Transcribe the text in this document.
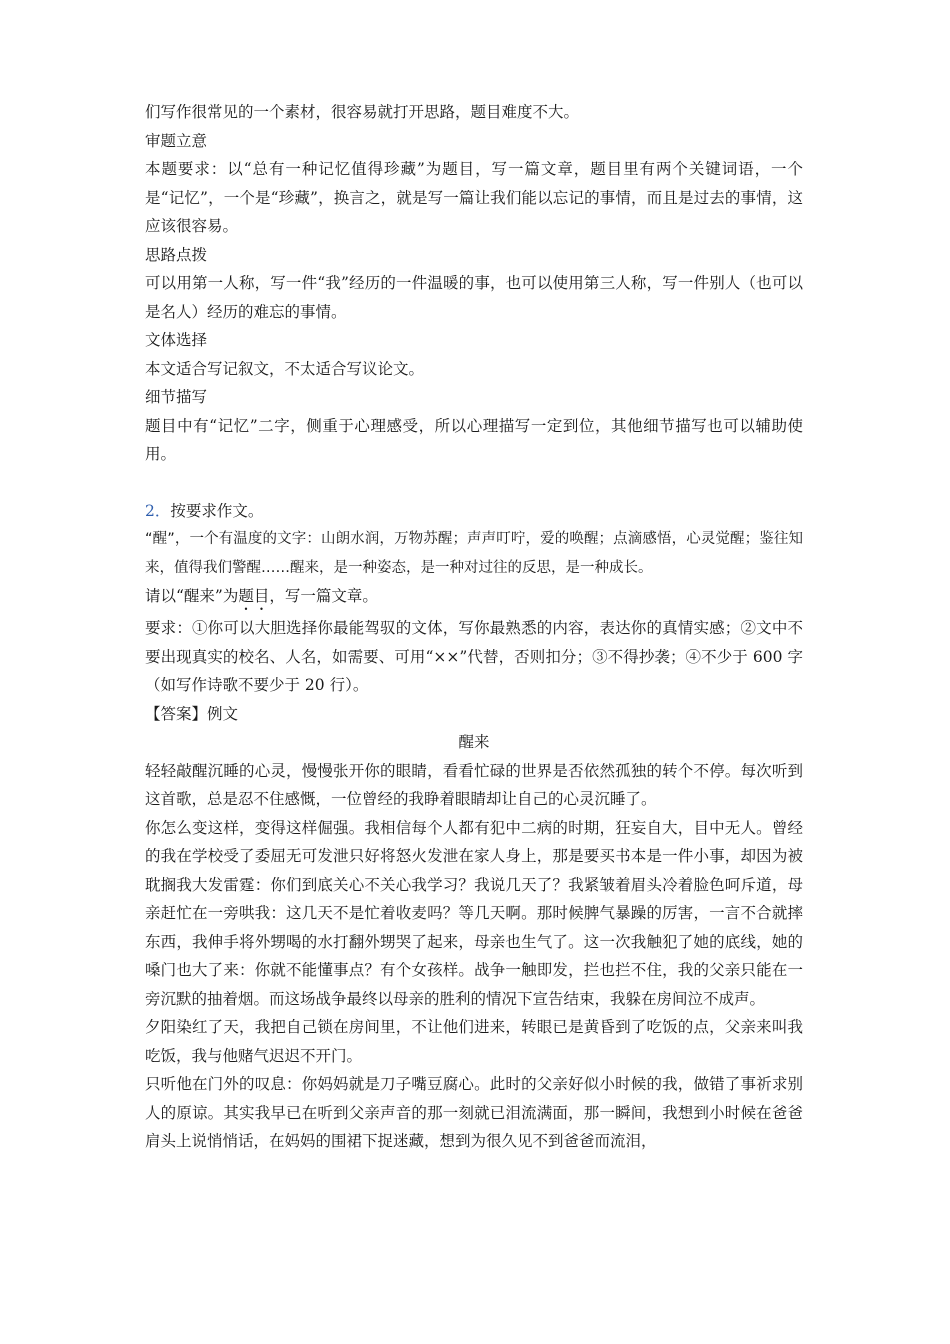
们写作很常见的一个素材，很容易就打开思路，题目难度不大。

审题立意

本题要求：以“总有一种记忆值得珍藏”为题目，写一篇文章，题目里有两个关键词语，一个是“记忆”，一个是“珍藏”，换言之，就是写一篇让我们能以忘记的事情，而且是过去的事情，这应该很容易。

思路点拨

可以用第一人称，写一件“我”经历的一件温暖的事，也可以使用第三人称，写一件别人（也可以是名人）经历的难忘的事情。

文体选择

本文适合写记叙文，不太适合写议论文。

细节描写

题目中有“记忆”二字，侧重于心理感受，所以心理描写一定到位，其他细节描写也可以辅助使用。

2．按要求作文。

“醒”，一个有温度的文字：山朗水润，万物苏醒；声声叮咛，爱的唤醒；点滴感悟，心灵觉醒；鉴往知来，值得我们警醒……醒来，是一种姿态，是一种对过往的反思，是一种成长。

请以“醒来”为题目，写一篇文章。

要求：①你可以大胆选择你最能驾驭的文体，写你最熟悉的内容，表达你的真情实感；②文中不要出现真实的校名、人名，如需要、可用“××”代替，否则扣分；③不得抄袭；④不少于 600 字（如写作诗歌不要少于 20 行）。

【答案】例文

醒来

轻轻敲醒沉睡的心灵，慢慢张开你的眼睛，看看忙碌的世界是否依然孤独的转个不停。每次听到这首歌，总是忍不住感慨，一位曾经的我睁着眼睛却让自己的心灵沉睡了。

你怎么变这样，变得这样倔强。我相信每个人都有犯中二病的时期，狂妄自大，目中无人。曾经的我在学校受了委屈无可发泄只好将怒火发泄在家人身上，那是要买书本是一件小事，却因为被耽搁我大发雷霆：你们到底关心不关心我学习？我说几天了？我紧皱着眉头冷着脸色呵斥道，母亲赶忙在一旁哄我：这几天不是忙着收麦吗？等几天啊。那时候脾气暴躁的厉害，一言不合就摔东西，我伸手将外甥喝的水打翻外甥哭了起来，母亲也生气了。这一次我触犯了她的底线，她的嗓门也大了来：你就不能懂事点？有个女孩样。战争一触即发，拦也拦不住，我的父亲只能在一旁沉默的抽着烟。而这场战争最终以母亲的胜利的情况下宣告结束，我躲在房间泣不成声。

夕阳染红了天，我把自己锁在房间里，不让他们进来，转眼已是黄昏到了吃饭的点，父亲来叫我吃饭，我与他赌气迟迟不开门。

只听他在门外的叹息：你妈妈就是刀子嘴豆腐心。此时的父亲好似小时候的我，做错了事祈求别人的原谅。其实我早已在听到父亲声音的那一刻就已泪流满面，那一瞬间，我想到小时候在爸爸肩头上说悄悄话，在妈妈的围裙下捉迷藏，想到为很久见不到爸爸而流泪，
